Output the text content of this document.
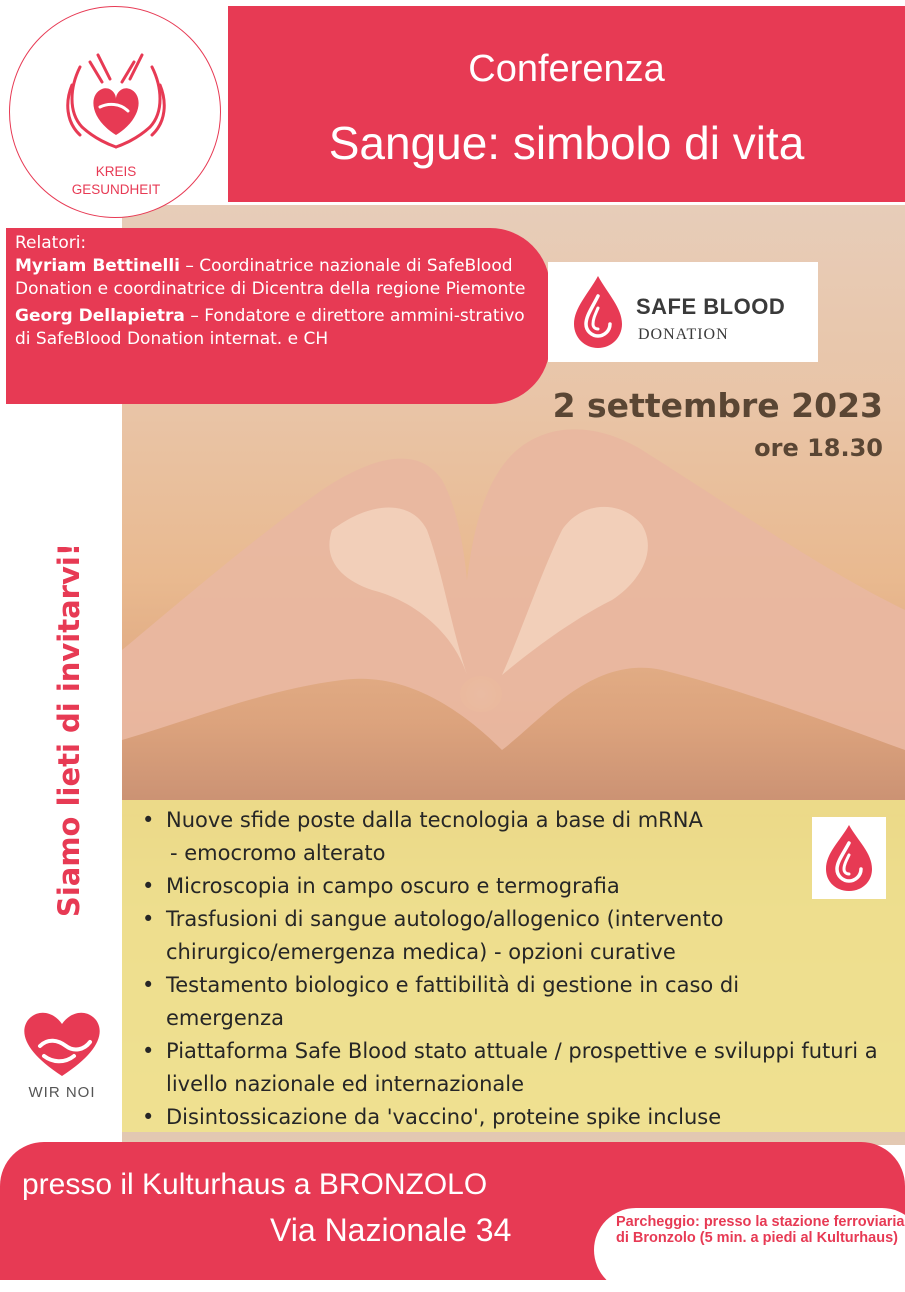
Conferenza
Sangue: simbolo di vita
KREIS
GESUNDHEIT

Relatori:

Myriam Bettinelli – Coordinatrice nazionale di SafeBlood Donation e coordinatrice di Dicentra della regione Piemonte

Georg Dellapietra – Fondatore e direttore ammini-strativo di SafeBlood Donation internat. e CH

SAFE BLOOD
DONATION
2 settembre 2023
ore 18.30
Siamo lieti di invitarvi!
•	Nuove sfide poste dalla tecnologia a base di mRNA
- emocromo alterato
• Microscopia in campo oscuro e termografia
• Trasfusioni di sangue autologo/allogenico (intervento chirurgico/emergenza medica) - opzioni curative
• Testamento biologico e fattibilità di gestione in caso di emergenza
• Piattaforma Safe Blood stato attuale / prospettive e sviluppi futuri a livello nazionale ed internazionale
• Disintossicazione da 'vaccino', proteine spike incluse
WIR NOI
presso il Kulturhaus a BRONZOLO
Via Nazionale 34	Parcheggio: presso la stazione ferroviaria di Bronzolo (5 min. a piedi al Kulturhaus)
